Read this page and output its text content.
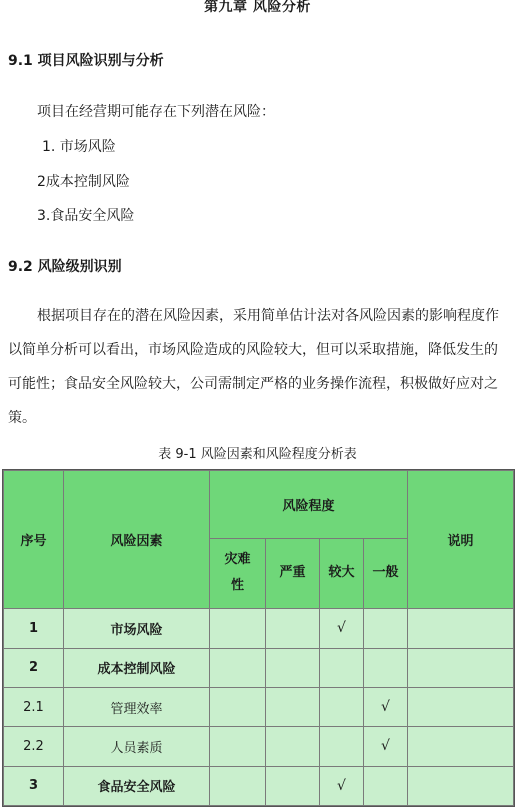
第九章 风险分析
9.1 项目风险识别与分析
项目在经营期可能存在下列潜在风险：
1. 市场风险
2成本控制风险
3.食品安全风险
9.2 风险级别识别
根据项目存在的潜在风险因素，采用简单估计法对各风险因素的影响程度作以简单分析可以看出，市场风险造成的风险较大，但可以采取措施，降低发生的可能性；食品安全风险较大，公司需制定严格的业务操作流程，积极做好应对之策。
表 9-1 风险因素和风险程度分析表
序号	风险因素	风险程度				说明
		灾难性	严重	较大	一般	
1	市场风险			√		
2	成本控制风险					
2.1	管理效率				√	
2.2	人员素质				√	
3	食品安全风险			√		
